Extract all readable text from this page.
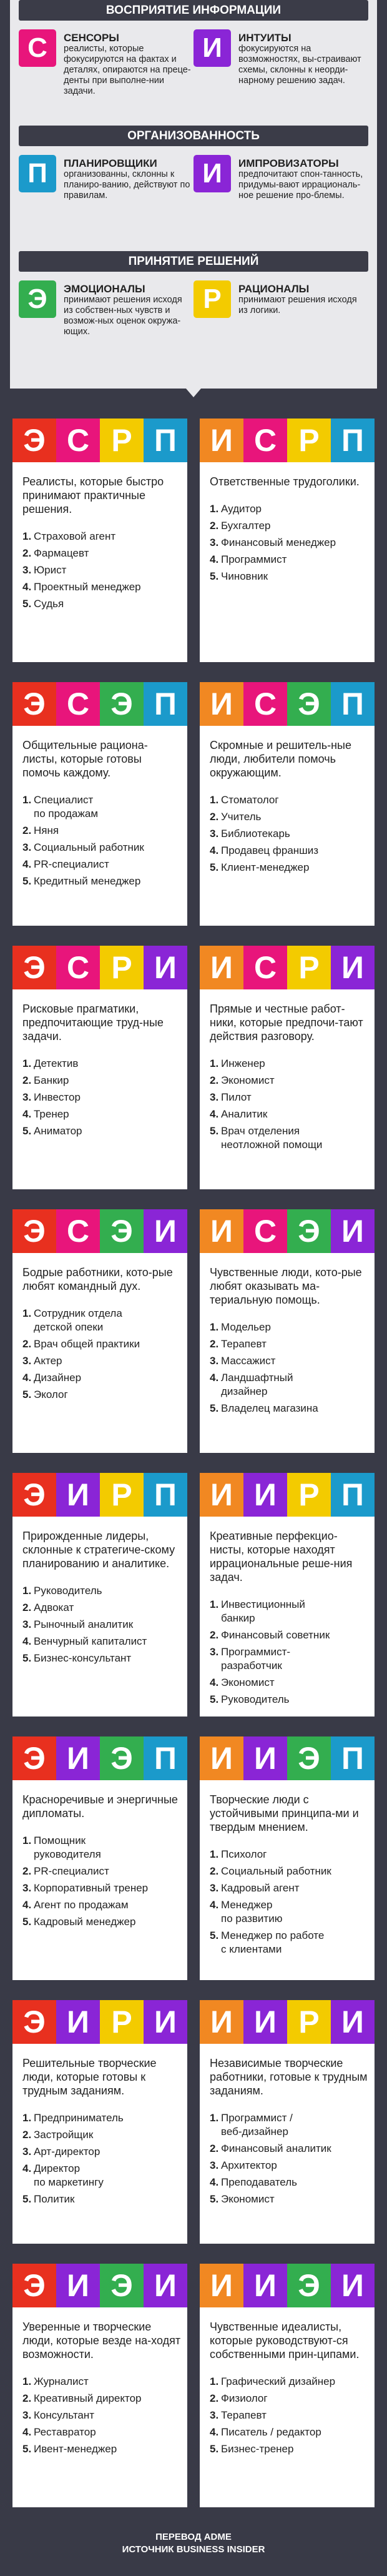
ВОСПРИЯТИЕ ИНФОРМАЦИИ
С	СЕНСОРЫ
реалисты, которые фокусируются на фактах и деталях, опираются на преце-денты при выполне-нии задачи.
И	ИНТУИТЫ
фокусируются на возможностях, вы-страивают схемы, склонны к неорди-нарному решению задач.
ОРГАНИЗОВАННОСТЬ
П	ПЛАНИРОВЩИКИ
организованны, склонны к планиро-ванию, действуют по правилам.
И	ИМПРОВИЗАТОРЫ
предпочитают спон-танность, придумы-вают иррациональ-ное решение про-блемы.
ПРИНЯТИЕ РЕШЕНИЙ
Э	ЭМОЦИОНАЛЫ
принимают решения исходя из собствен-ных чувств и возмож-ных оценок окружа-ющих.
Р	РАЦИОНАЛЫ
принимают решения исходя из логики.
Э С Р П
Реалисты, которые быстро принимают практичные решения.
1. Страховой агент
2. Фармацевт
3. Юрист
4. Проектный менеджер
5. Судья
И С Р П
Ответственные трудоголики.
1. Аудитор
2. Бухгалтер
3. Финансовый менеджер
4. Программист
5. Чиновник
Э С Э П
Общительные рациона-листы, которые готовы помочь каждому.
1. Специалист
по продажам
2. Няня
3. Социальный работник
4. PR-специалист
5. Кредитный менеджер
И С Э П
Скромные и решитель-ные люди, любители помочь окружающим.
1. Стоматолог
2. Учитель
3. Библиотекарь
4. Продавец франшиз
5. Клиент-менеджер
Э С Р И
Рисковые прагматики, предпочитающие труд-ные задачи.
1. Детектив
2. Банкир
3. Инвестор
4. Тренер
5. Аниматор
И С Р И
Прямые и честные работ-ники, которые предпочи-тают действия разговору.
1. Инженер
2. Экономист
3. Пилот
4. Аналитик
5. Врач отделения
неотложной помощи
Э С Э И
Бодрые работники, кото-рые любят командный дух.
1. Сотрудник отдела
детской опеки
2. Врач общей практики
3. Актер
4. Дизайнер
5. Эколог
И С Э И
Чувственные люди, кото-рые любят оказывать ма-териальную помощь.
1. Модельер
2. Терапевт
3. Массажист
4. Ландшафтный
дизайнер
5. Владелец магазина
Э И Р П
Прирожденные лидеры, склонные к стратегиче-скому планированию и аналитике.
1. Руководитель
2. Адвокат
3. Рыночный аналитик
4. Венчурный капиталист
5. Бизнес-консультант
И И Р П
Креативные перфекцио-нисты, которые находят иррациональные реше-ния задач.
1. Инвестиционный
банкир
2. Финансовый советник
3. Программист-
разработчик
4. Экономист
5. Руководитель
Э И Э П
Красноречивые и энергичные дипломаты.
1. Помощник
руководителя
2. PR-специалист
3. Корпоративный тренер
4. Агент по продажам
5. Кадровый менеджер
И И Э П
Творческие люди с устойчивыми принципа-ми и твердым мнением.
1. Психолог
2. Социальный работник
3. Кадровый агент
4. Менеджер
по развитию
5. Менеджер по работе
с клиентами
Э И Р И
Решительные творческие люди, которые готовы к трудным заданиям.
1. Предприниматель
2. Застройщик
3. Арт-директор
4. Директор
по маркетингу
5. Политик
И И Р И
Независимые творческие работники, готовые к трудным заданиям.
1. Программист /
веб-дизайнер
2. Финансовый аналитик
3. Архитектор
4. Преподаватель
5. Экономист
Э И Э И
Уверенные и творческие люди, которые везде на-ходят возможности.
1. Журналист
2. Креативный директор
3. Консультант
4. Реставратор
5. Ивент-менеджер
И И Э И
Чувственные идеалисты, которые руководствуют-ся собственными прин-ципами.
1. Графический дизайнер
2. Физиолог
3. Терапевт
4. Писатель / редактор
5. Бизнес-тренер
ПЕРЕВОД ADME
ИСТОЧНИК BUSINESS INSIDER
